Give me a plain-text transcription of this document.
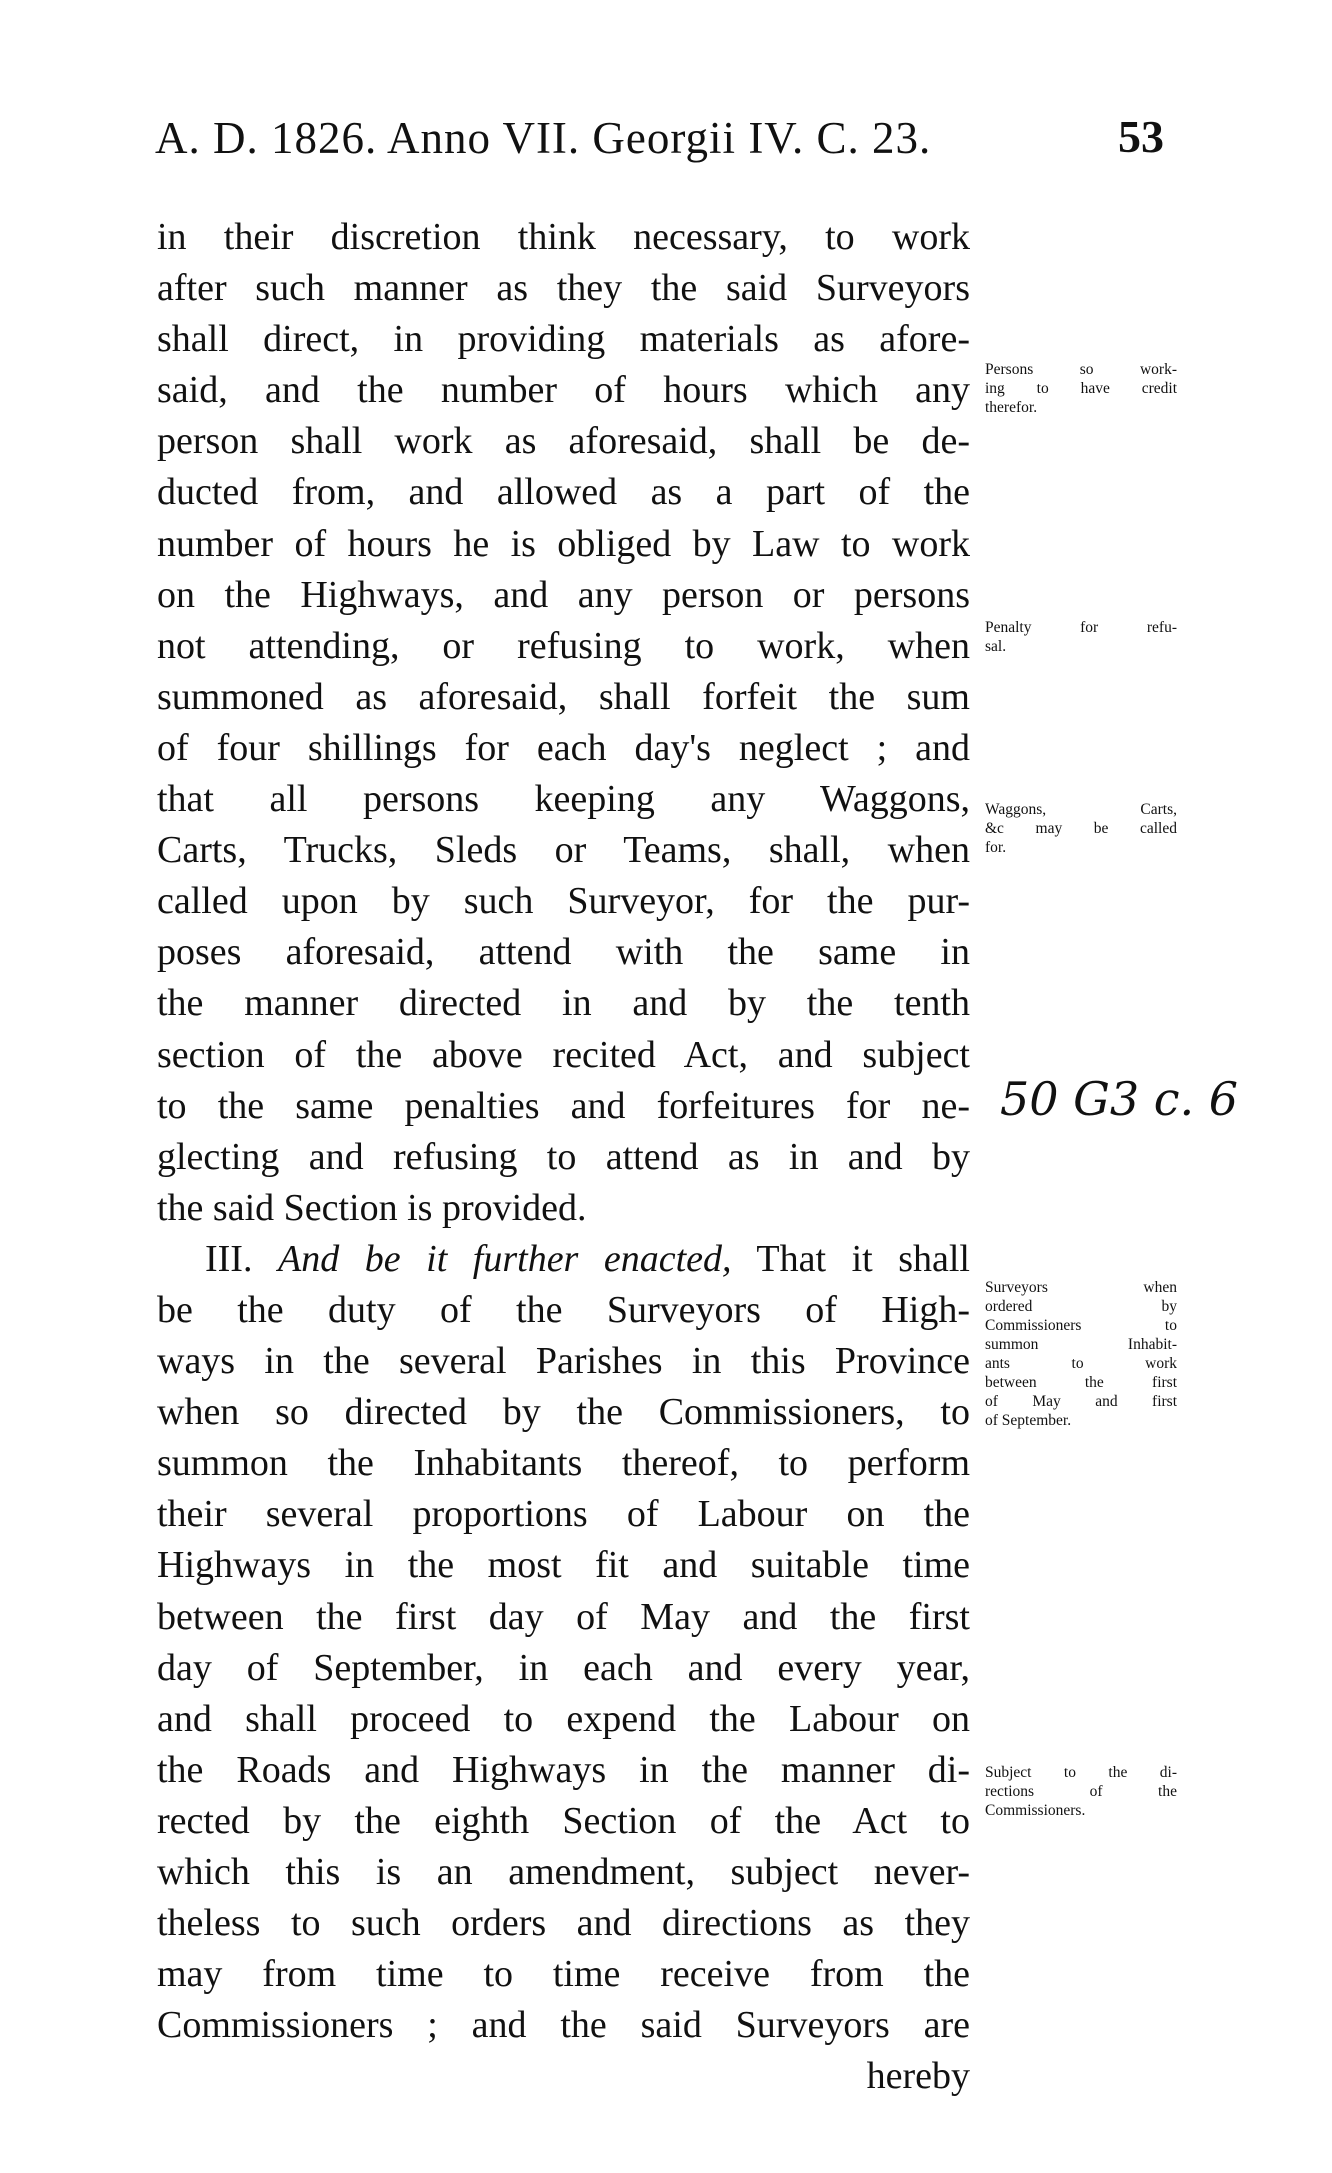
A. D. 1826. Anno VII. Georgii IV. C. 23.	53
in their discretion think necessary, to work
after such manner as they the said Surveyors
shall direct, in providing materials as afore-
said, and the number of hours which any
person shall work as aforesaid, shall be de-
ducted from, and allowed as a part of the
number of hours he is obliged by Law to work
on the Highways, and any person or persons
not attending, or refusing to work, when
summoned as aforesaid, shall forfeit the sum
of four shillings for each day's neglect ; and
that all persons keeping any Waggons,
Carts, Trucks, Sleds or Teams, shall, when
called upon by such Surveyor, for the pur-
poses aforesaid, attend with the same in
the manner directed in and by the tenth
section of the above recited Act, and subject
to the same penalties and forfeitures for ne-
glecting and refusing to attend as in and by
the said Section is provided.
III. And be it further enacted, That it shall
be the duty of the Surveyors of High-
ways in the several Parishes in this Province
when so directed by the Commissioners, to
summon the Inhabitants thereof, to perform
their several proportions of Labour on the
Highways in the most fit and suitable time
between the first day of May and the first
day of September, in each and every year,
and shall proceed to expend the Labour on
the Roads and Highways in the manner di-
rected by the eighth Section of the Act to
which this is an amendment, subject never-
theless to such orders and directions as they
may from time to time receive from the
Commissioners ; and the said Surveyors are
hereby
Persons so work-
ing to have credit
therefor.
Penalty for refu-
sal.
Waggons, Carts,
&c may be called
for.
Surveyors when
ordered by
Commissioners to
summon Inhabit-
ants to work
between the first
of May and first
of September.
Subject to the di-
rections of the
Commissioners.
50 G3 c. 6
